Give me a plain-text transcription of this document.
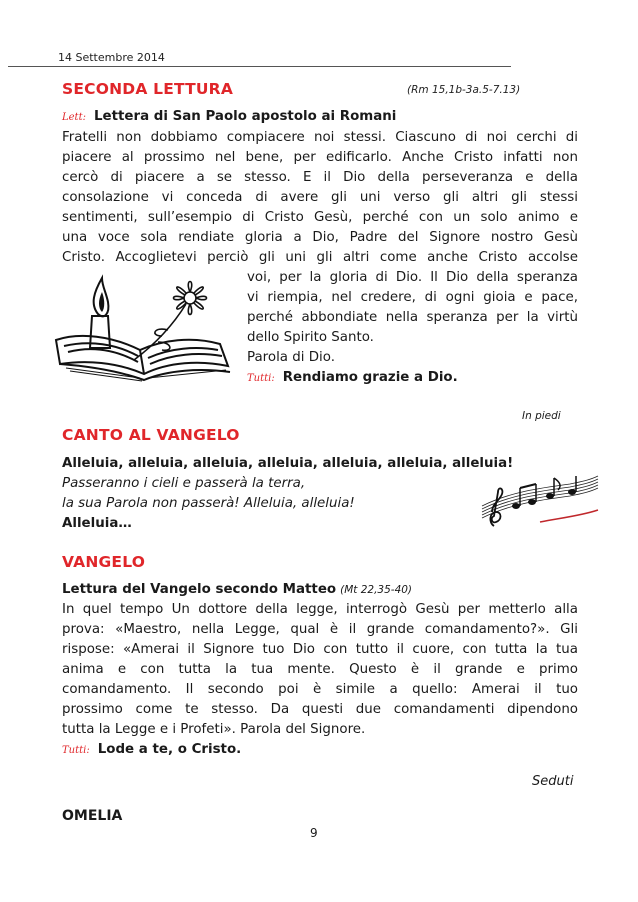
14 Settembre 2014
SECONDA LETTURA	(Rm 15,1b-3a.5-7.13)
Lett: Lettera di San Paolo apostolo ai Romani
Fratelli non dobbiamo compiacere noi stessi. Ciascuno di noi cerchi di
piacere al prossimo nel bene, per edificarlo. Anche Cristo infatti non
cercò di piacere a se stesso. E il Dio della perseveranza e della
consolazione vi conceda di avere gli uni verso gli altri gli stessi
sentimenti, sull’esempio di Cristo Gesù, perché con un solo animo e
una voce sola rendiate gloria a Dio, Padre del Signore nostro Gesù
Cristo. Accoglietevi perciò gli uni gli altri come anche Cristo accolse
voi, per la gloria di Dio. Il Dio della speranza
vi riempia, nel credere, di ogni gioia e pace,
perché abbondiate nella speranza per la virtù
dello Spirito Santo.
Parola di Dio.
Tutti: Rendiamo grazie a Dio.
In piedi
CANTO AL VANGELO
Alleluia, alleluia, alleluia, alleluia, alleluia, alleluia, alleluia!
Passeranno i cieli e passerà la terra,
la sua Parola non passerà! Alleluia, alleluia!
Alleluia…
VANGELO
Lettura del Vangelo secondo Matteo (Mt 22,35-40)
In quel tempo Un dottore della legge, interrogò Gesù per metterlo alla
prova: «Maestro, nella Legge, qual è il grande comandamento?». Gli
rispose: «Amerai il Signore tuo Dio con tutto il cuore, con tutta la tua
anima e con tutta la tua mente. Questo è il grande e primo
comandamento. Il secondo poi è simile a quello: Amerai il tuo
prossimo come te stesso. Da questi due comandamenti dipendono
tutta la Legge e i Profeti». Parola del Signore.
Tutti: Lode a te, o Cristo.
Seduti
OMELIA
9
